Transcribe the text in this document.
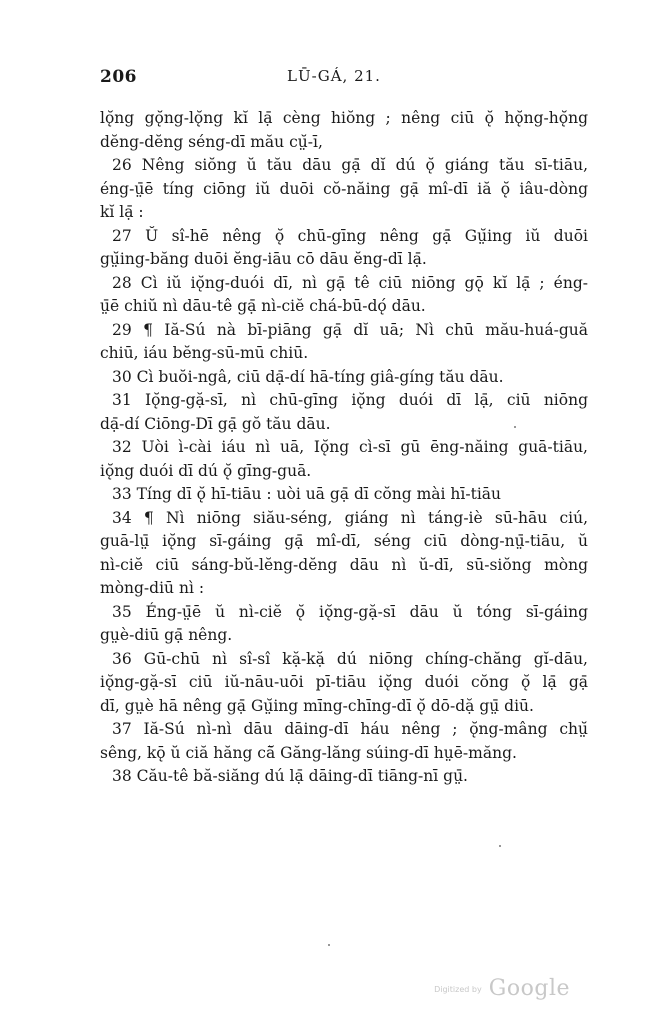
206	LŪ-GÁ, 21.
lǫ̆ng gǫ̆ng-lǫ̆ng kĭ lạ̄ cèng hiŏng ; nêng ciū ǫ̆ hǫ̆ng-hǫ̆ng
dĕng-dĕng séng-dī mău cṳ̆-ī,
26 Nêng siŏng ŭ tău dāu gạ̄ dĭ dú ǫ̆ giáng tău sī-tiāu,
éng-ṳ̄ē tíng ciōng iŭ duōi cŏ-năing gạ̄ mî-dī iă ǫ̆ iâu-dòng
kĭ lạ̄ :
27 Ŭ sî-hē nêng ǫ̆ chū-gīng nêng gạ̄ Gṳ̆ing iŭ duōi
gṳ̆ing-băng duōi ĕng-iāu cō dāu ĕng-dī lạ̄.
28 Cì iŭ iǫ̆ng-duói dī, nì gạ̄ tê ciū niōng gǭ kĭ lạ̄ ; éng-
ṳ̄ē chiŭ nì dāu-tê gạ̄ nì-ciĕ chá-bū-dǫ́ dāu.
29 ¶ Iă-Sú nà bī-piāng gạ̄ dĭ uā; Nì chū mău-huá-guă
chiū, iáu bĕng-sū-mū chiū.
30 Cì buŏi-ngâ, ciū dạ̄-dí hā-tíng giâ-gíng tău dāu.
31 Iǫ̆ng-gặ-sī, nì chū-gīng iǫ̆ng duói dī lạ̄, ciū niōng
dạ̄-dí Ciōng-Dī gạ̄ gŏ tău dāu.
32 Uòi ì-cài iáu nì uā, Iǫ̆ng cì-sī gū ēng-năing guā-tiāu,
iǫ̆ng duói dī dú ǫ̆ gīng-guā.
33 Tíng dī ǫ̆ hī-tiāu : uòi uā gạ̄ dī cŏng mài hī-tiāu
34 ¶ Nì niōng siău-séng, giáng nì táng-iè sū-hāu ciú,
guā-lṳ̄ iǫ̆ng sī-gáing gạ̄ mî-dī, séng ciū dòng-nṳ̄-tiāu, ŭ
nì-ciĕ ciū sáng-bŭ-lĕng-dĕng dāu nì ŭ-dī, sū-siŏng mòng
mòng-diū nì :
35 Éng-ṳ̄ē ŭ nì-ciĕ ǫ̆ iǫ̆ng-gặ-sī dāu ŭ tóng sī-gáing
gṳè-diū gạ̄ nêng.
36 Gū-chū nì sî-sî kặ-kặ dú niōng chíng-chăng gĭ-dāu,
iǫ̆ng-gặ-sī ciū iŭ-nāu-uōi pī-tiāu iǫ̆ng duói cŏng ǫ̆ lạ̄ gạ̄
dī, gṳè hā nêng gạ̄ Gṳ̆ing mīng-chīng-dī ǫ̆ dō-dặ gṳ̄ diū.
37 Iă-Sú nì-nì dāu dāing-dī háu nêng ; ǫ̆ng-mâng chṳ̆
sêng, kǭ ŭ ciă hăng cā̆ Găng-lăng súing-dī hṳē-măng.
38 Cău-tê bă-siăng dú lạ̄ dāing-dī tiāng-nī gṳ̄.
Digitized by Google
